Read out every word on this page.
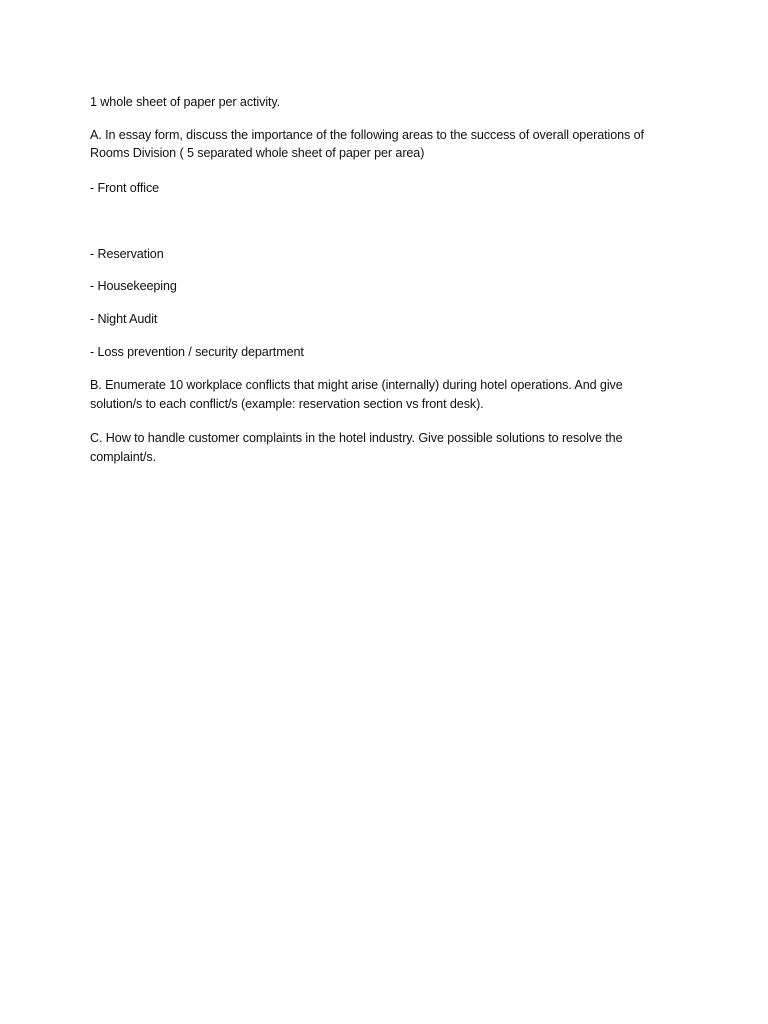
1 whole sheet of paper per activity.

A. In essay form, discuss the importance of the following areas to the success of overall operations of

Rooms Division ( 5 separated whole sheet of paper per area)

- Front office

- Reservation

- Housekeeping

- Night Audit

- Loss prevention / security department

B. Enumerate 10 workplace conflicts that might arise (internally) during hotel operations. And give

solution/s to each conflict/s (example: reservation section vs front desk).

C. How to handle customer complaints in the hotel industry. Give possible solutions to resolve the

complaint/s.
